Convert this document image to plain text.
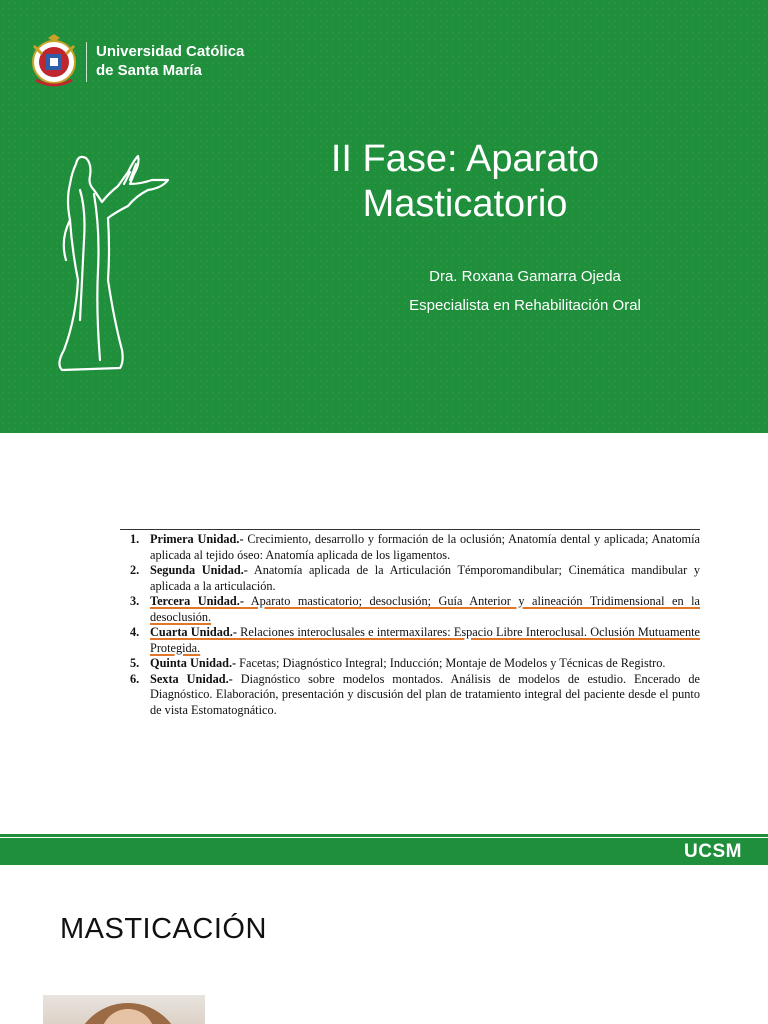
Universidad Católica
de Santa María
II Fase: Aparato
Masticatorio
Dra. Roxana Gamarra Ojeda
Especialista en Rehabilitación Oral
1. Primera Unidad.- Crecimiento, desarrollo y formación de la oclusión; Anatomía dental y aplicada; Anatomía aplicada al tejido óseo: Anatomía aplicada de los ligamentos.
2. Segunda Unidad.- Anatomía aplicada de la Articulación Témporomandibular; Cinemática mandibular y aplicada a la articulación.
3. Tercera Unidad.- Aparato masticatorio; desoclusión; Guía Anterior y alineación Tridimensional en la desoclusión.
4. Cuarta Unidad.- Relaciones interoclusales e intermaxilares: Espacio Libre Interoclusal. Oclusión Mutuamente Protegida.
5. Quinta Unidad.- Facetas; Diagnóstico Integral; Inducción; Montaje de Modelos y Técnicas de Registro.
6. Sexta Unidad.- Diagnóstico sobre modelos montados. Análisis de modelos de estudio. Encerado de Diagnóstico. Elaboración, presentación y discusión del plan de tratamiento integral del paciente desde el punto de vista Estomatognático.
UCSM
MASTICACIÓN
